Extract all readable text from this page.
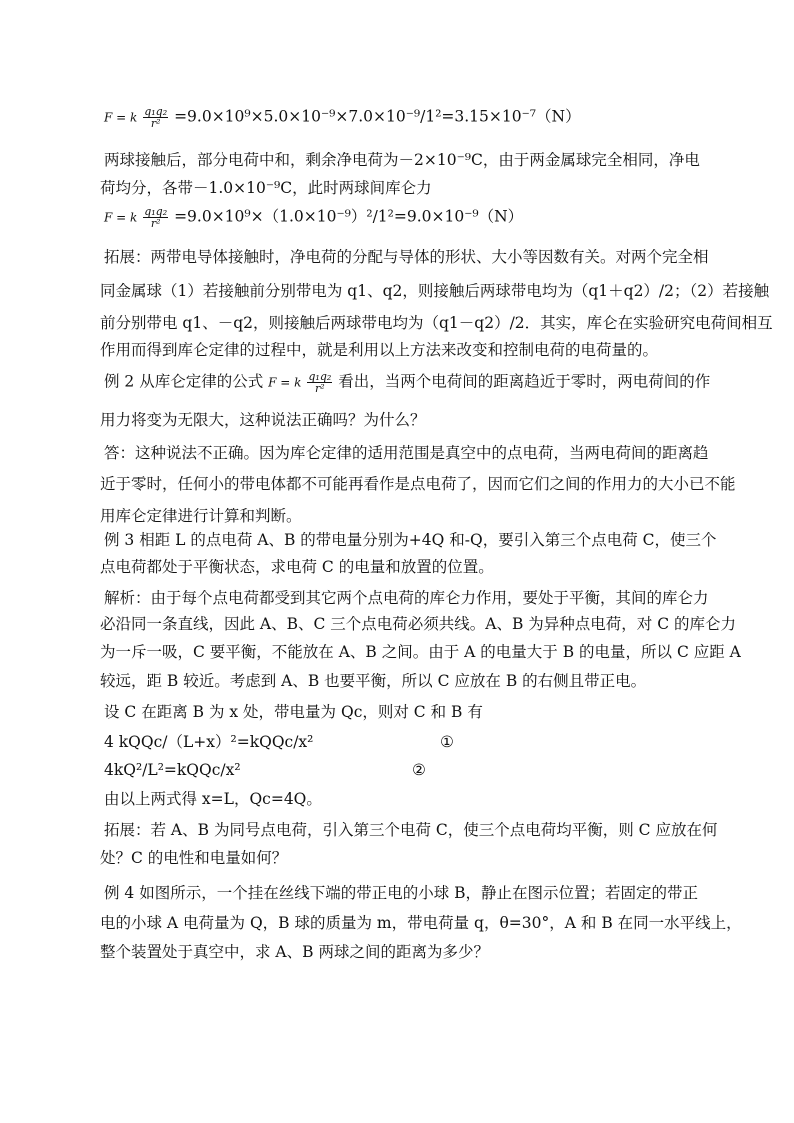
F = k $\frac{\text{q₁q₂}}{\text{r²}} =9.0\times 10^9\times 5.0\times 10^{-9}\times 7.0\times 10^{-9}/1^2=3.15\times 10^{-7}(N)$
两球接触后，部分电荷中和，剩余净电荷为－2×10⁻⁹C，由于两金属球完全相同，净电
荷均分，各带－1.0×10⁻⁹C，此时两球间库仑力
F = k $\frac{\text{q₁q₂}}{\text{r²}} =9.0\times 10^9\times(1.0\times 10^{-9})^2/1^2=9.0\times 10^{-9}(N)$
拓展：两带电导体接触时，净电荷的分配与导体的形状、大小等因数有关。对两个完全相
同金属球（1）若接触前分别带电为 q1、q2，则接触后两球带电均为（q1＋q2）/2；（2）若接触
前分别带电 q1、－q2，则接触后两球带电均为（q1－q2）/2．其实，库仑在实验研究电荷间相互
作用而得到库仑定律的过程中，就是利用以上方法来改变和控制电荷的电荷量的。
例 2 从库仑定律的公式 F = k $\frac{\text{q₁q₂}}{\text{r²}}$ 看出，当两个电荷间的距离趋近于零时，两电荷间的作
用力将变为无限大，这种说法正确吗？为什么？
答：这种说法不正确。因为库仑定律的适用范围是真空中的点电荷，当两电荷间的距离趋
近于零时，任何小的带电体都不可能再看作是点电荷了，因而它们之间的作用力的大小已不能
用库仑定律进行计算和判断。
例 3 相距 L 的点电荷 A、B 的带电量分别为+4Q 和-Q，要引入第三个点电荷 C，使三个
点电荷都处于平衡状态，求电荷 C 的电量和放置的位置。
解析：由于每个点电荷都受到其它两个点电荷的库仑力作用，要处于平衡，其间的库仑力
必沿同一条直线，因此 A、B、C 三个点电荷必须共线。A、B 为异种点电荷，对 C 的库仑力
为一斥一吸，C 要平衡，不能放在 A、B 之间。由于 A 的电量大于 B 的电量，所以 C 应距 A
较远，距 B 较近。考虑到 A、B 也要平衡，所以 C 应放在 B 的右侧且带正电。
设 C 在距离 B 为 x 处，带电量为 Qc，则对 C 和 B 有
4 kQQc/（L+x）²=kQQc/x²	①
4kQ²/L²=kQQc/x²	②
由以上两式得 x=L，Qc=4Q。
拓展：若 A、B 为同号点电荷，引入第三个电荷 C，使三个点电荷均平衡，则 C 应放在何
处？C 的电性和电量如何？
例 4 如图所示，一个挂在丝线下端的带正电的小球 B，静止在图示位置；若固定的带正
电的小球 A 电荷量为 Q，B 球的质量为 m，带电荷量 q，θ=30°，A 和 B 在同一水平线上，
整个装置处于真空中，求 A、B 两球之间的距离为多少？
